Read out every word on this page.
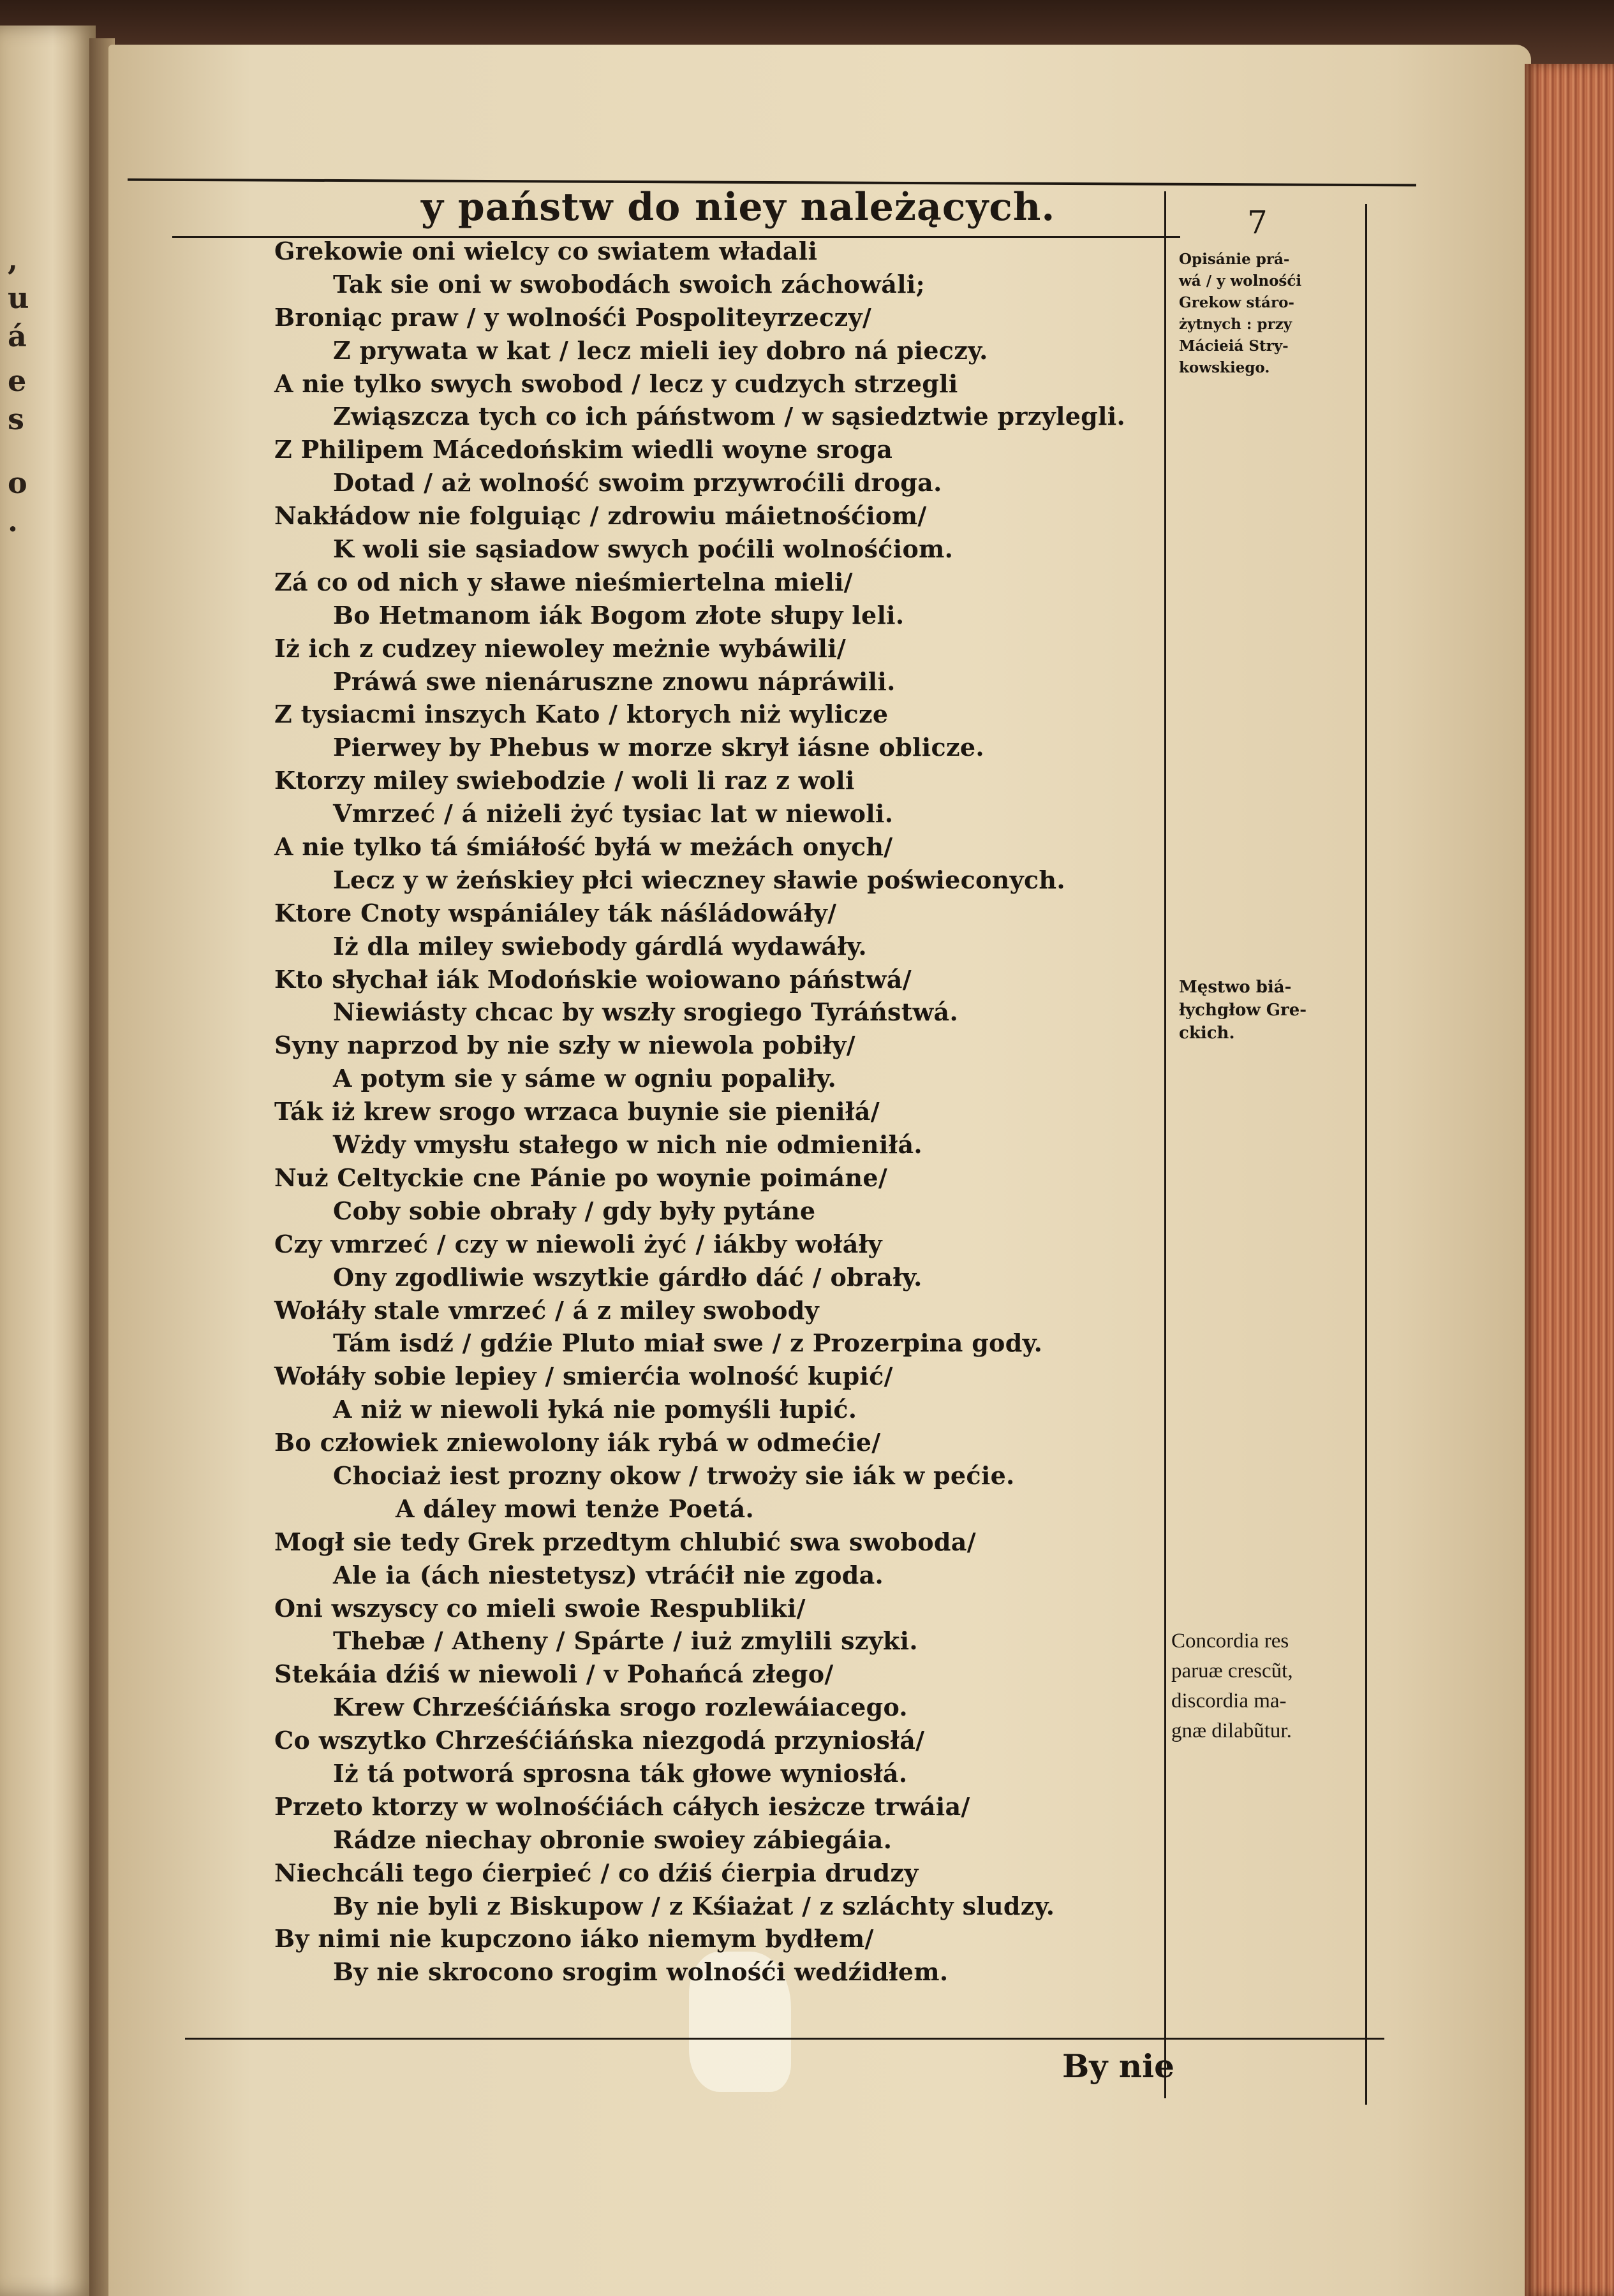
,
u
á
e
s
o
.
y państw do niey należących.	7
Grekowie oni wielcy co swiatem władali
Tak sie oni w swobodách swoich záchowáli;
Broniąc praw / y wolnośći Pospoliteyrzeczy/
Z prywata w kat / lecz mieli iey dobro ná pieczy.
A nie tylko swych swobod / lecz y cudzych strzegli
Zwiąszcza tych co ich páństwom / w sąsiedztwie przylegli.
Z Philipem Mácedońskim wiedli woyne sroga
Dotad / aż wolność swoim przywroćili droga.
Nakłádow nie folguiąc / zdrowiu máietnośćiom/
K woli sie sąsiadow swych poćili wolnośćiom.
Zá co od nich y sławe nieśmiertelna mieli/
Bo Hetmanom iák Bogom złote słupy leli.
Iż ich z cudzey niewoley meżnie wybáwili/
Práwá swe nienáruszne znowu nápráwili.
Z tysiacmi inszych Kato / ktorych niż wylicze
Pierwey by Phebus w morze skrył iásne oblicze.
Ktorzy miley swiebodzie / woli li raz z woli
Vmrzeć / á niżeli żyć tysiac lat w niewoli.
A nie tylko tá śmiáłość byłá w meżách onych/
Lecz y w żeńskiey płci wieczney sławie poświeconych.
Ktore Cnoty wspániáley ták náśládowáły/
Iż dla miley swiebody gárdlá wydawáły.
Kto słychał iák Modońskie woiowano páństwá/
Niewiásty chcac by wszły srogiego Tyráństwá.
Syny naprzod by nie szły w niewola pobiły/
A potym sie y sáme w ogniu popaliły.
Ták iż krew srogo wrzaca buynie sie pieniłá/
Wżdy vmysłu stałego w nich nie odmieniłá.
Nuż Celtyckie cne Pánie po woynie poimáne/
Coby sobie obrały / gdy były pytáne
Czy vmrzeć / czy w niewoli żyć / iákby wołáły
Ony zgodliwie wszytkie gárdło dáć / obrały.
Wołáły stale vmrzeć / á z miley swobody
Tám isdź / gdźie Pluto miał swe / z Prozerpina gody.
Wołáły sobie lepiey / smierćia wolność kupić/
A niż w niewoli łyká nie pomyśli łupić.
Bo człowiek zniewolony iák rybá w odmećie/
Chociaż iest prozny okow / trwoży sie iák w pećie.
A dáley mowi tenże Poetá.
Mogł sie tedy Grek przedtym chlubić swa swoboda/
Ale ia (ách niestetysz) vtráćił nie zgoda.
Oni wszyscy co mieli swoie Respubliki/
Thebæ / Atheny / Spárte / iuż zmylili szyki.
Stekáia dźiś w niewoli / v Pohańcá złego/
Krew Chrześćiáńska srogo rozlewáiacego.
Co wszytko Chrześćiáńska niezgodá przyniosłá/
Iż tá potworá sprosna ták głowe wyniosłá.
Przeto ktorzy w wolnośćiách cáłych iesżcze trwáia/
Rádze niechay obronie swoiey zábiegáia.
Niechcáli tego ćierpieć / co dźiś ćierpia drudzy
By nie byli z Biskupow / z Kśiażat / z szláchty sludzy.
By nimi nie kupczono iáko niemym bydłem/
By nie skrocono srogim wolnośći wedźidłem.
By nie
Opisánie prá-
wá / y wolnośći
Grekow stáro-
żytnych : przy
Mácieiá Stry-
kowskiego.
Męstwo biá-
łychgłow Gre-
ckich.
Concordia res
paruæ crescũt,
discordia ma-
gnæ dilabũtur.
